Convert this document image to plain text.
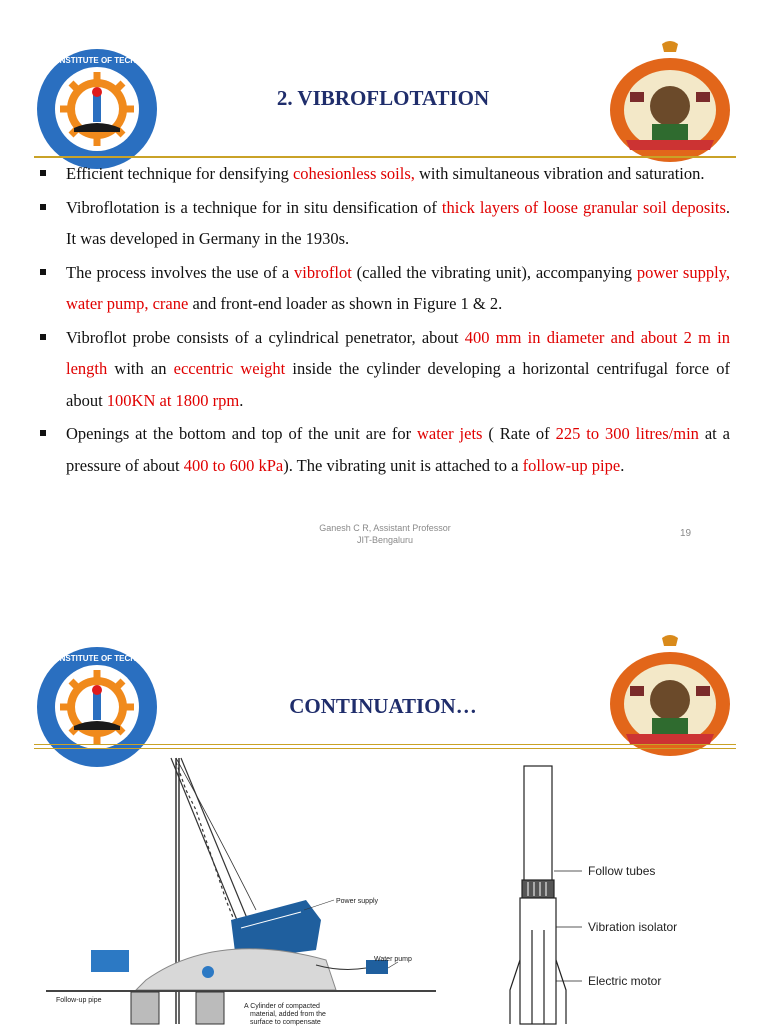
JYOTHY INSTITUTE OF TECHNOLOGY
2. VIBROFLOTATION
Efficient technique for densifying cohesionless soils, with simultaneous vibration and saturation.
Vibroflotation is a technique for in situ densification of thick layers of loose granular soil deposits. It was developed in Germany in the 1930s.
The process involves the use of a vibroflot (called the vibrating unit), accompanying power supply, water pump, crane and front-end loader as shown in Figure 1 & 2.
Vibroflot probe consists of a cylindrical penetrator, about 400 mm in diameter and about 2 m in length with an eccentric weight inside the cylinder developing a horizontal centrifugal force of about 100KN at 1800 rpm.
Openings at the bottom and top of the unit are for water jets ( Rate of 225 to 300 litres/min at a pressure of about 400 to 600 kPa). The vibrating unit is attached to a follow-up pipe.
Ganesh C R, Assistant Professor
JIT-Bengaluru
19
JYOTHY INSTITUTE OF TECHNOLOGY
CONTINUATION…
Power supply
Water pump
Follow-up pipe
A Cylinder of compacted
material, added from the
surface to compensate
Follow tubes
Vibration isolator
Electric motor
